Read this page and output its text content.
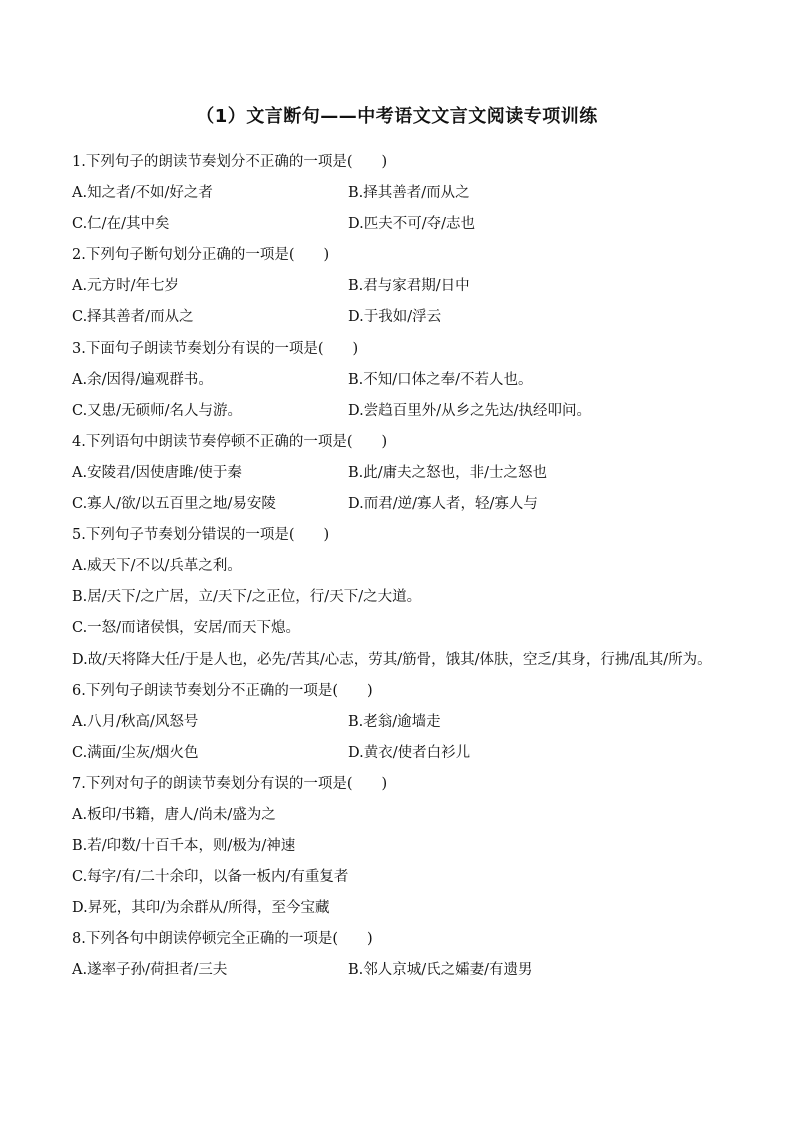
（1）文言断句——中考语文文言文阅读专项训练
1.下列句子的朗读节奏划分不正确的一项是(　　)
A.知之者/不如/好之者	B.择其善者/而从之
C.仁/在/其中矣	D.匹夫不可/夺/志也
2.下列句子断句划分正确的一项是(　　)
A.元方时/年七岁	B.君与家君期/日中
C.择其善者/而从之	D.于我如/浮云
3.下面句子朗读节奏划分有误的一项是(　　)
A.余/因得/遍观群书。	B.不知/口体之奉/不若人也。
C.又患/无硕师/名人与游。	D.尝趋百里外/从乡之先达/执经叩问。
4.下列语句中朗读节奏停顿不正确的一项是(　　)
A.安陵君/因使唐雎/使于秦	B.此/庸夫之怒也，非/士之怒也
C.寡人/欲/以五百里之地/易安陵	D.而君/逆/寡人者，轻/寡人与
5.下列句子节奏划分错误的一项是(　　)
A.威天下/不以/兵革之利。
B.居/天下/之广居，立/天下/之正位，行/天下/之大道。
C.一怒/而诸侯惧，安居/而天下熄。
D.故/天将降大任/于是人也，必先/苦其/心志，劳其/筋骨，饿其/体肤，空乏/其身，行拂/乱其/所为。
6.下列句子朗读节奏划分不正确的一项是(　　)
A.八月/秋高/风怒号	B.老翁/逾墙走
C.满面/尘灰/烟火色	D.黄衣/使者白衫儿
7.下列对句子的朗读节奏划分有误的一项是(　　)
A.板印/书籍，唐人/尚未/盛为之
B.若/印数/十百千本，则/极为/神速
C.每字/有/二十余印，以备一板内/有重复者
D.昇死，其印/为余群从/所得，至今宝藏
8.下列各句中朗读停顿完全正确的一项是(　　)
A.遂率子孙/荷担者/三夫	B.邻人京城/氏之孀妻/有遗男
